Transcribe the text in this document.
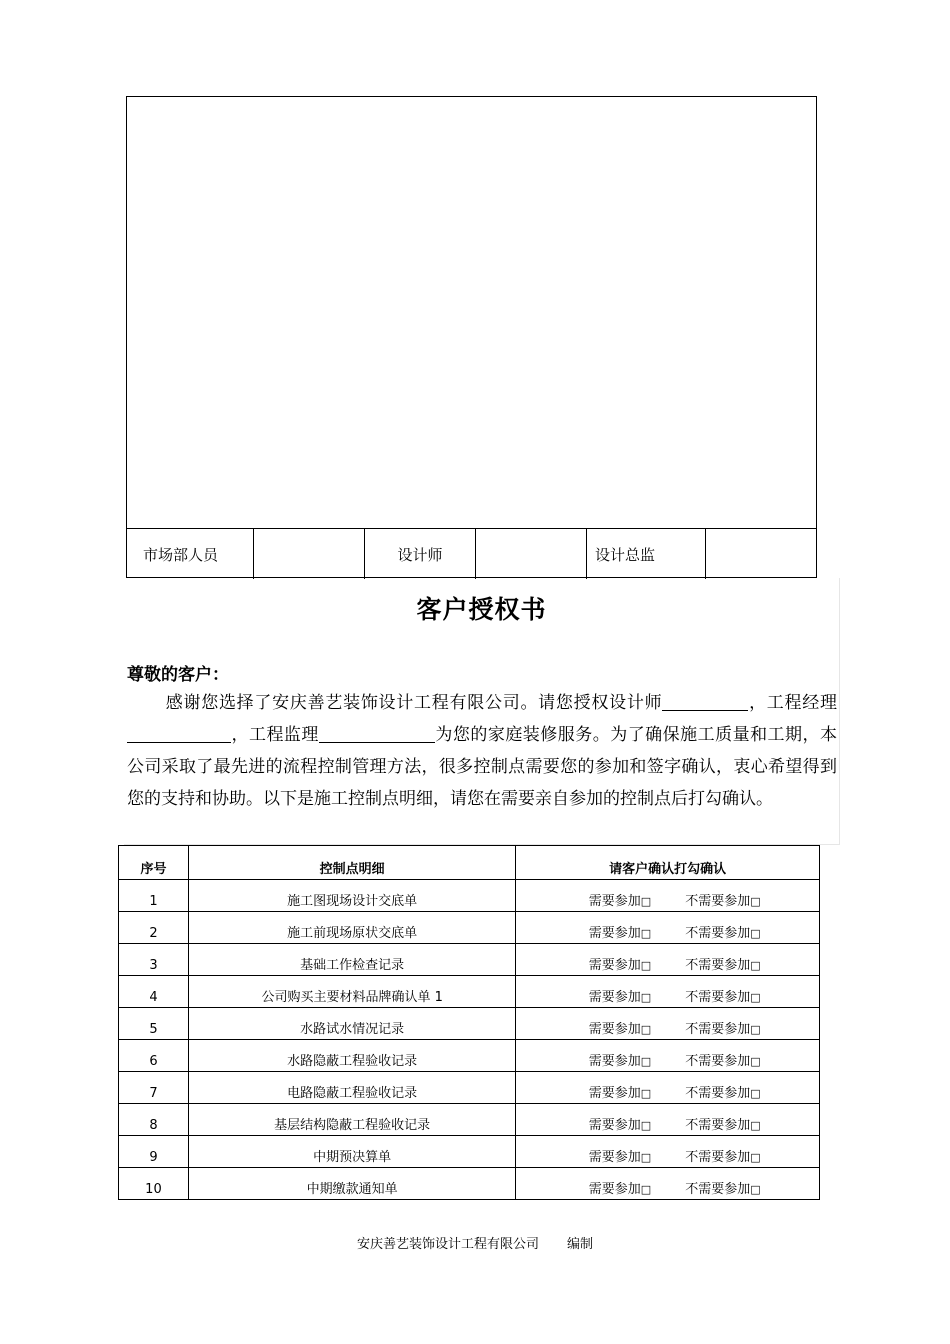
市场部人员	设计师	设计总监
客户授权书
尊敬的客户：
感谢您选择了安庆善艺装饰设计工程有限公司。请您授权设计师	，工程经理，工程监理	为您的家庭装修服务。为了确保施工质量和工期，本公司采取了最先进的流程控制管理方法，很多控制点需要您的参加和签字确认，衷心希望得到您的支持和协助。以下是施工控制点明细，请您在需要亲自参加的控制点后打勾确认。
序号	控制点明细	请客户确认打勾确认
1	施工图现场设计交底单	需要参加□ 不需要参加□

2	施工前现场原状交底单	需要参加□ 不需要参加□

3	基础工作检查记录	需要参加□ 不需要参加□

4	公司购买主要材料品牌确认单 1	需要参加□ 不需要参加□

5	水路试水情况记录	需要参加□ 不需要参加□

6	水路隐蔽工程验收记录	需要参加□ 不需要参加□

7	电路隐蔽工程验收记录	需要参加□ 不需要参加□

8	基层结构隐蔽工程验收记录	需要参加□ 不需要参加□

9	中期预决算单	需要参加□ 不需要参加□

10	中期缴款通知单	需要参加□ 不需要参加□
安庆善艺装饰设计工程有限公司 编制
